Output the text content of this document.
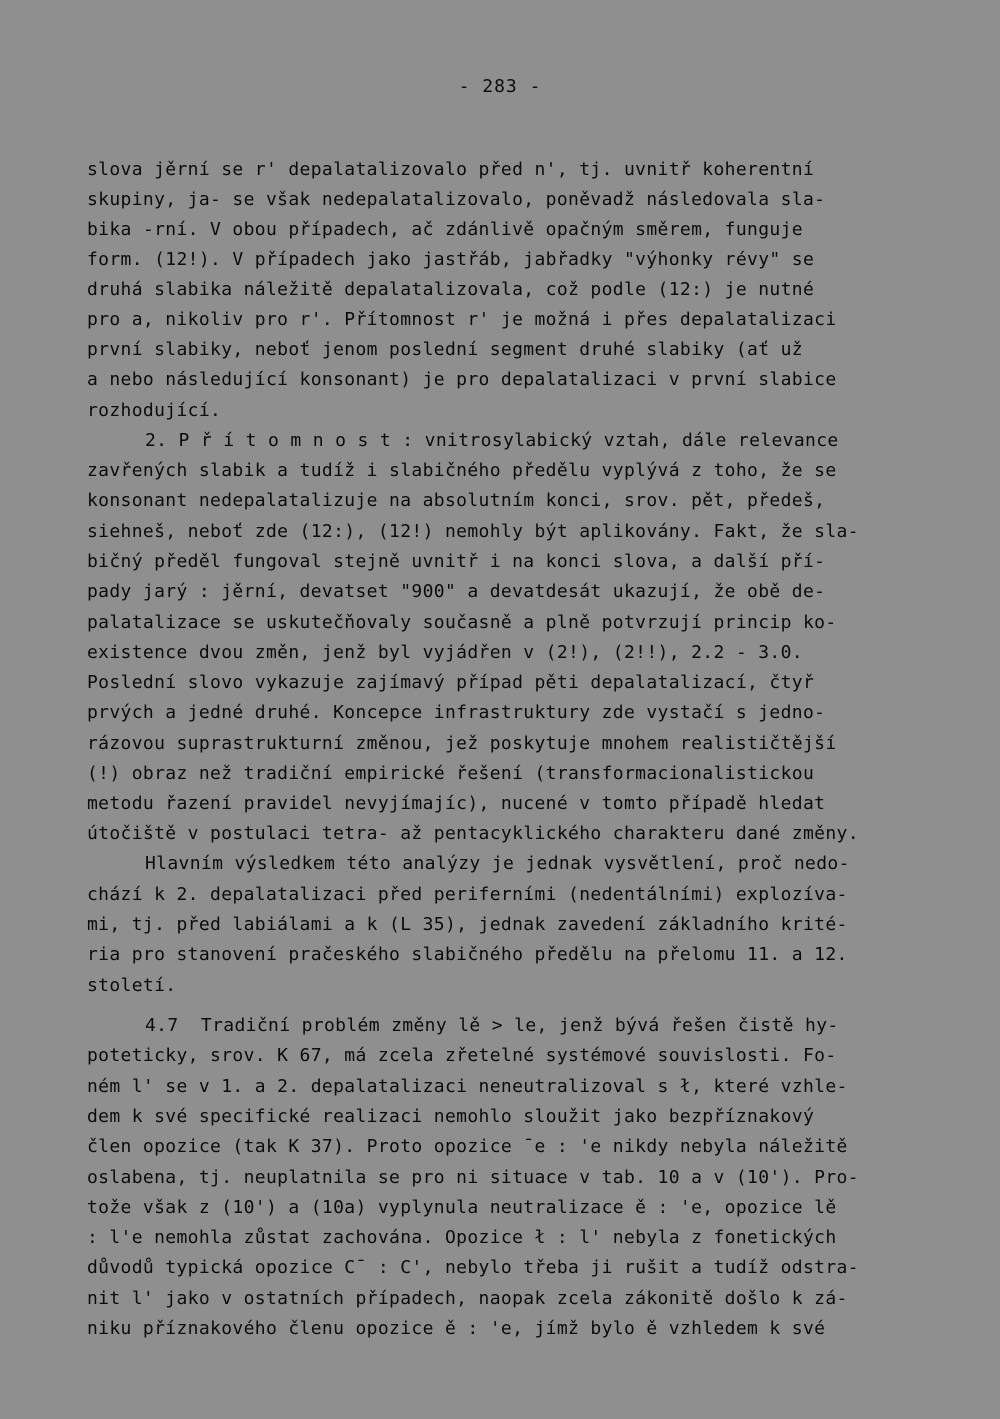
- 283 -
slova jěrní se r' depalatalizovalo před n', tj. uvnitř koherentní
skupiny, ja- se však nedepalatalizovalo, poněvadž následovala sla-
bika -rní. V obou případech, ač zdánlivě opačným směrem, funguje
form. (12!). V případech jako jastřáb, jabřadky "výhonky révy" se
druhá slabika náležitě depalatalizovala, což podle (12:) je nutné
pro a, nikoliv pro r'. Přítomnost r' je možná i přes depalatalizaci
první slabiky, neboť jenom poslední segment druhé slabiky (ať už
a nebo následující konsonant) je pro depalatalizaci v první slabice
rozhodující.
2. P ř í t o m n o s t : vnitrosylabický vztah, dále relevance
zavřených slabik a tudíž i slabičného předělu vyplývá z toho, že se
konsonant nedepalatalizuje na absolutním konci, srov. pět, předeš,
siehneš, neboť zde (12:), (12!) nemohly být aplikovány. Fakt, že sla-
bičný předěl fungoval stejně uvnitř i na konci slova, a další pří-
pady jarý : jěrní, devatset "900" a devatdesát ukazují, že obě de-
palatalizace se uskutečňovaly současně a plně potvrzují princip ko-
existence dvou změn, jenž byl vyjádřen v (2!), (2!!), 2.2 - 3.0.
Poslední slovo vykazuje zajímavý případ pěti depalatalizací, čtyř
prvých a jedné druhé. Koncepce infrastruktury zde vystačí s jedno-
rázovou suprastrukturní změnou, jež poskytuje mnohem realističtější
(!) obraz než tradiční empirické řešení (transformacionalistickou
metodu řazení pravidel nevyjímajíc), nucené v tomto případě hledat
útočiště v postulaci tetra- až pentacyklického charakteru dané změny.
Hlavním výsledkem této analýzy je jednak vysvětlení, proč nedo-
chází k 2. depalatalizaci před periferními (nedentálními) explozíva-
mi, tj. před labiálami a k (L 35), jednak zavedení základního krité-
ria pro stanovení pračeského slabičného předělu na přelomu 11. a 12.
století.
4.7  Tradiční problém změny lě > le, jenž bývá řešen čistě hy-
poteticky, srov. K 67, má zcela zřetelné systémové souvislosti. Fo-
ném l' se v 1. a 2. depalatalizaci neneutralizoval s ł, které vzhle-
dem k své specifické realizaci nemohlo sloužit jako bezpříznakový
člen opozice (tak K 37). Proto opozice ¯e : 'e nikdy nebyla náležitě
oslabena, tj. neuplatnila se pro ni situace v tab. 10 a v (10'). Pro-
tože však z (10') a (10a) vyplynula neutralizace ě : 'e, opozice lě
: l'e nemohla zůstat zachována. Opozice ł : l' nebyla z fonetických
důvodů typická opozice C¯ : C', nebylo třeba ji rušit a tudíž odstra-
nit l' jako v ostatních případech, naopak zcela zákonitě došlo k zá-
niku příznakového členu opozice ě : 'e, jímž bylo ě vzhledem k své
